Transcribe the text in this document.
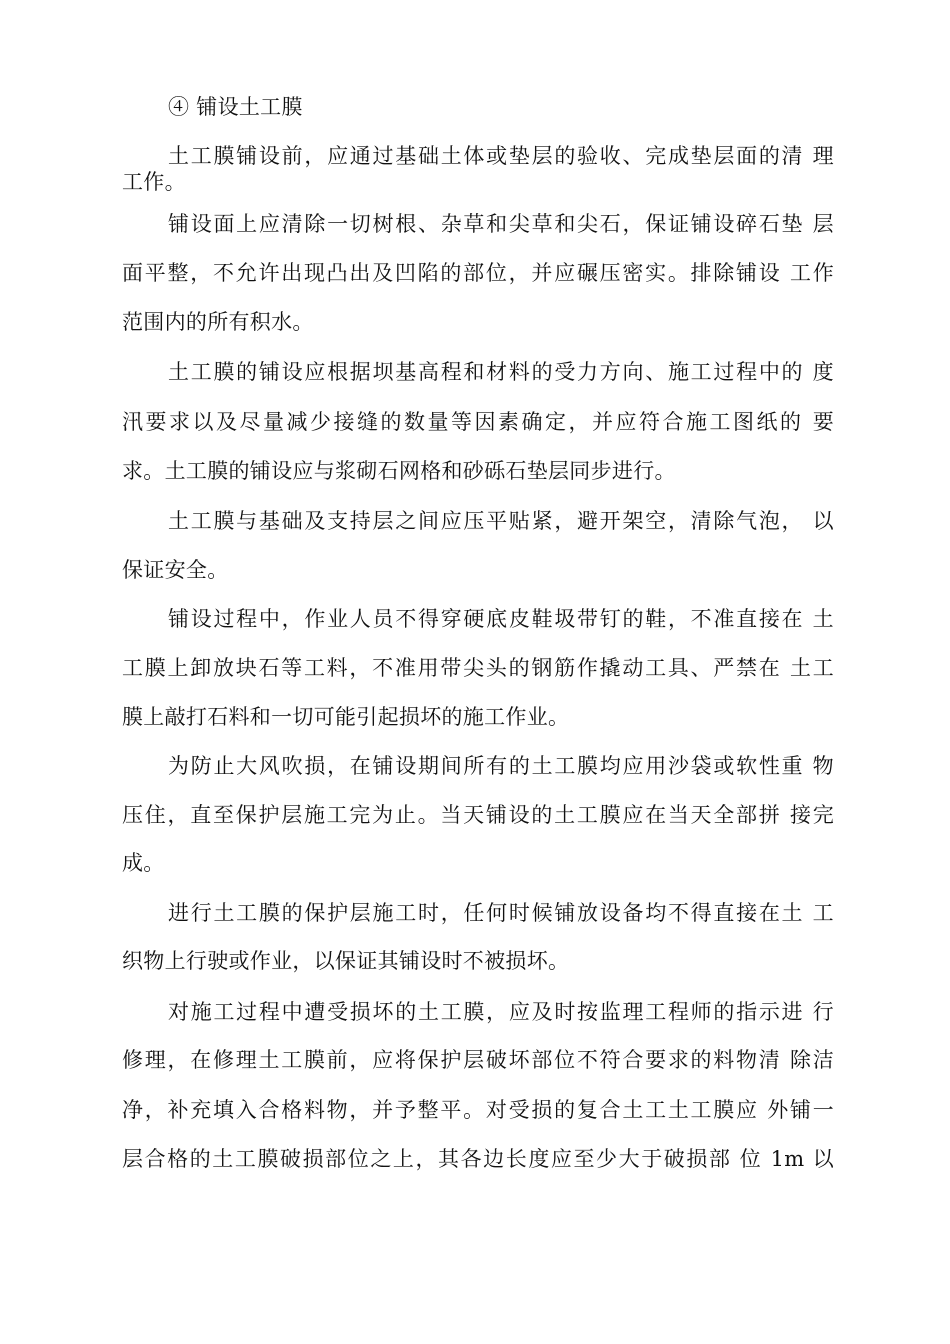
④ 铺设土工膜
土工膜铺设前，应通过基础土体或垫层的验收、完成垫层面的清 理
工作。
铺设面上应清除一切树根、杂草和尖草和尖石，保证铺设碎石垫 层
面平整，不允许出现凸出及凹陷的部位，并应碾压密实。排除铺设 工作
范围内的所有积水。
土工膜的铺设应根据坝基高程和材料的受力方向、施工过程中的 度
汛要求以及尽量减少接缝的数量等因素确定，并应符合施工图纸的 要
求。土工膜的铺设应与浆砌石网格和砂砾石垫层同步进行。
土工膜与基础及支持层之间应压平贴紧，避开架空，清除气泡， 以
保证安全。
铺设过程中，作业人员不得穿硬底皮鞋圾带钉的鞋，不准直接在 土
工膜上卸放块石等工料，不准用带尖头的钢筋作撬动工具、严禁在 土工
膜上敲打石料和一切可能引起损坏的施工作业。
为防止大风吹损，在铺设期间所有的土工膜均应用沙袋或软性重 物
压住，直至保护层施工完为止。当天铺设的土工膜应在当天全部拼 接完
成。
进行土工膜的保护层施工时，任何时候铺放设备均不得直接在土 工
织物上行驶或作业，以保证其铺设时不被损坏。
对施工过程中遭受损坏的土工膜，应及时按监理工程师的指示进 行
修理，在修理土工膜前，应将保护层破坏部位不符合要求的料物清 除洁
净，补充填入合格料物，并予整平。对受损的复合土工土工膜应 外铺一
层合格的土工膜破损部位之上，其各边长度应至少大于破损部 位 1m 以
